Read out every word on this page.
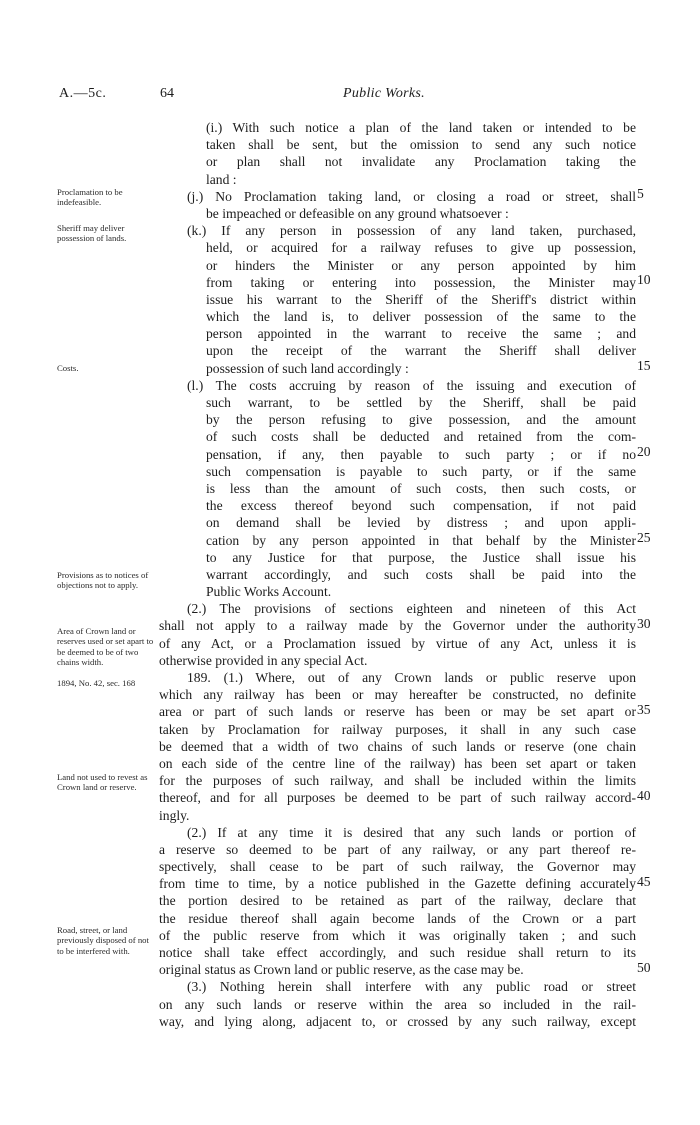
A.—5c.	64	Public Works.
(i.) With such notice a plan of the land taken or intended to be
taken shall be sent, but the omission to send any such notice
or plan shall not invalidate any Proclamation taking the
land :
(j.) No Proclamation taking land, or closing a road or street, shall
be impeached or defeasible on any ground whatsoever :
(k.) If any person in possession of any land taken, purchased,
held, or acquired for a railway refuses to give up possession,
or hinders the Minister or any person appointed by him
from taking or entering into possession, the Minister may
issue his warrant to the Sheriff of the Sheriff's district within
which the land is, to deliver possession of the same to the
person appointed in the warrant to receive the same ; and
upon the receipt of the warrant the Sheriff shall deliver
possession of such land accordingly :
(l.) The costs accruing by reason of the issuing and execution of
such warrant, to be settled by the Sheriff, shall be paid
by the person refusing to give possession, and the amount
of such costs shall be deducted and retained from the com-
pensation, if any, then payable to such party ; or if no
such compensation is payable to such party, or if the same
is less than the amount of such costs, then such costs, or
the excess thereof beyond such compensation, if not paid
on demand shall be levied by distress ; and upon appli-
cation by any person appointed in that behalf by the Minister
to any Justice for that purpose, the Justice shall issue his
warrant accordingly, and such costs shall be paid into the
Public Works Account.
(2.) The provisions of sections eighteen and nineteen of this Act
shall not apply to a railway made by the Governor under the authority
of any Act, or a Proclamation issued by virtue of any Act, unless it is
otherwise provided in any special Act.
189. (1.) Where, out of any Crown lands or public reserve upon
which any railway has been or may hereafter be constructed, no definite
area or part of such lands or reserve has been or may be set apart or
taken by Proclamation for railway purposes, it shall in any such case
be deemed that a width of two chains of such lands or reserve (one chain
on each side of the centre line of the railway) has been set apart or taken
for the purposes of such railway, and shall be included within the limits
thereof, and for all purposes be deemed to be part of such railway accord-
ingly.
(2.) If at any time it is desired that any such lands or portion of
a reserve so deemed to be part of any railway, or any part thereof re-
spectively, shall cease to be part of such railway, the Governor may
from time to time, by a notice published in the Gazette defining accurately
the portion desired to be retained as part of the railway, declare that
the residue thereof shall again become lands of the Crown or a part
of the public reserve from which it was originally taken ; and such
notice shall take effect accordingly, and such residue shall return to its
original status as Crown land or public reserve, as the case may be.
(3.) Nothing herein shall interfere with any public road or street
on any such lands or reserve within the area so included in the rail-
way, and lying along, adjacent to, or crossed by any such railway, except
Proclamation to be indefeasible.
Sheriff may deliver possession of lands.
Costs.
Provisions as to notices of objections not to apply.
Area of Crown land or reserves used or set apart to be deemed to be of two chains width.
1894, No. 42, sec. 168
Land not used to revest as Crown land or reserve.
Road, street, or land previously disposed of not to be interfered with.
5
10
15
20
25
30
35
40
45
50
